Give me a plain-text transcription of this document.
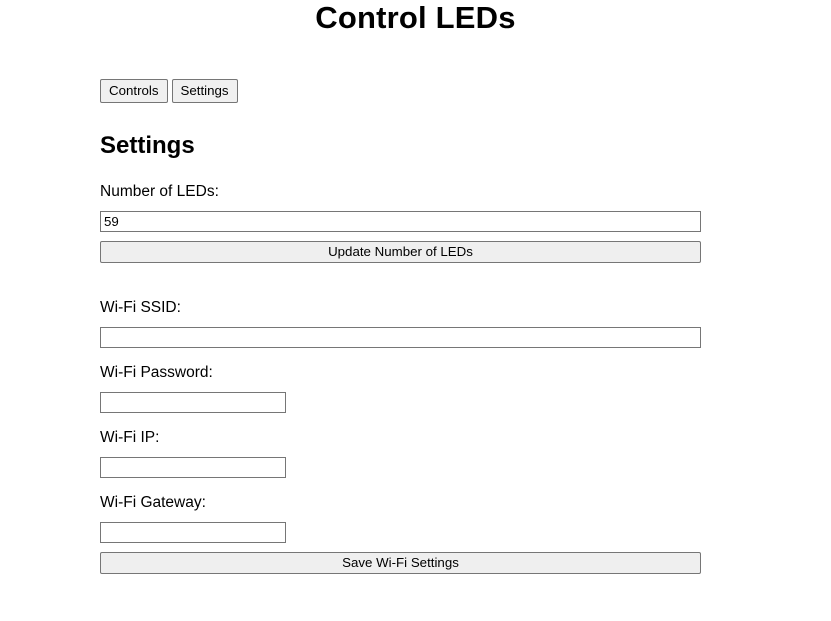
Control LEDs
Controls	Settings
Settings

Number of LEDs:

59
Update Number of LEDs

Wi-Fi SSID:

Wi-Fi Password:

Wi-Fi IP:

Wi-Fi Gateway:

Save Wi-Fi Settings
